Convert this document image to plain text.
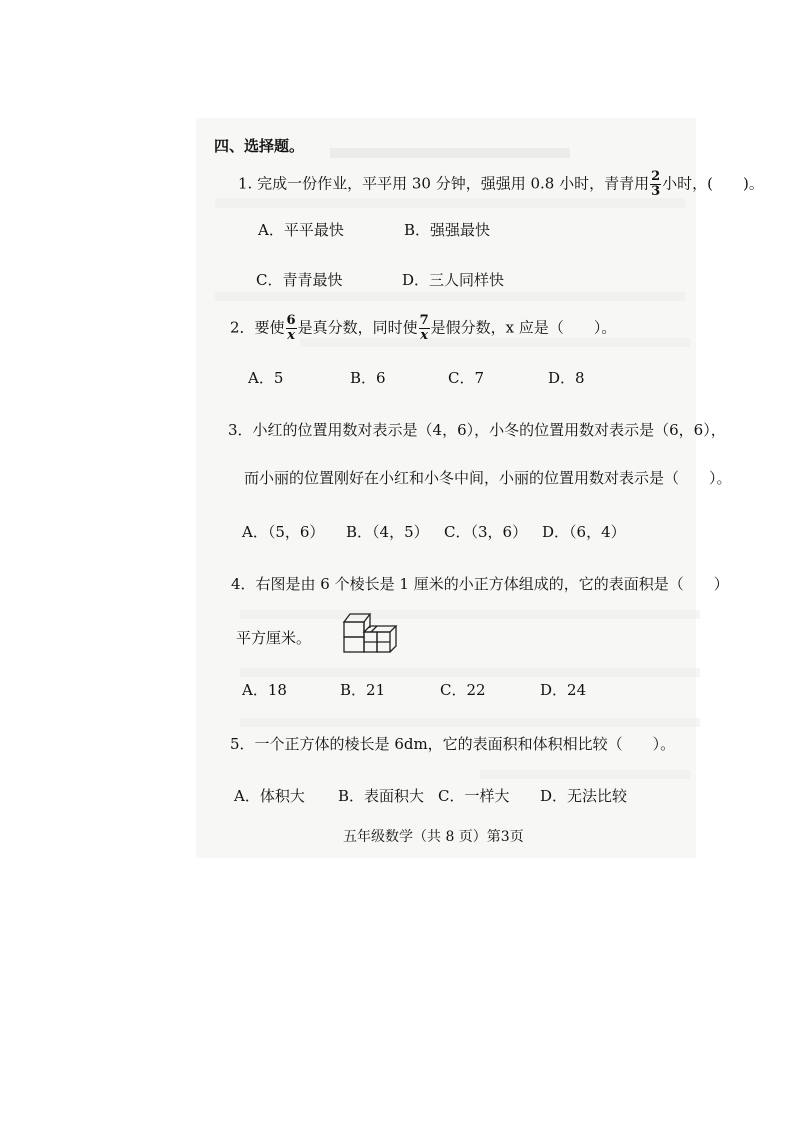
四、选择题。
1. 完成一份作业，平平用 30 分钟，强强用 0.8 小时，青青用 $\frac{2}{3}$ 小时，(　　)。
A．平平最快	B．强强最快
C．青青最快	D．三人同样快
2．要使 $\frac{6}{x}$ 是真分数，同时使 $\frac{7}{x}$ 是假分数，x 应是（　　）。
A．5	B．6	C．7	D．8
3．小红的位置用数对表示是（4，6），小冬的位置用数对表示是（6，6），
而小丽的位置刚好在小红和小冬中间，小丽的位置用数对表示是（　　）。
A．（5，6） B．（4，5） C．（3，6） D．（6，4）
4．右图是由 6 个棱长是 1 厘米的小正方体组成的，它的表面积是（　　）
平方厘米。
A．18	B．21	C．22	D．24
5．一个正方体的棱长是 6dm，它的表面积和体积相比较（　　）。
A．体积大 B．表面积大 C．一样大 D．无法比较
五年级数学（共 8 页）第3页
